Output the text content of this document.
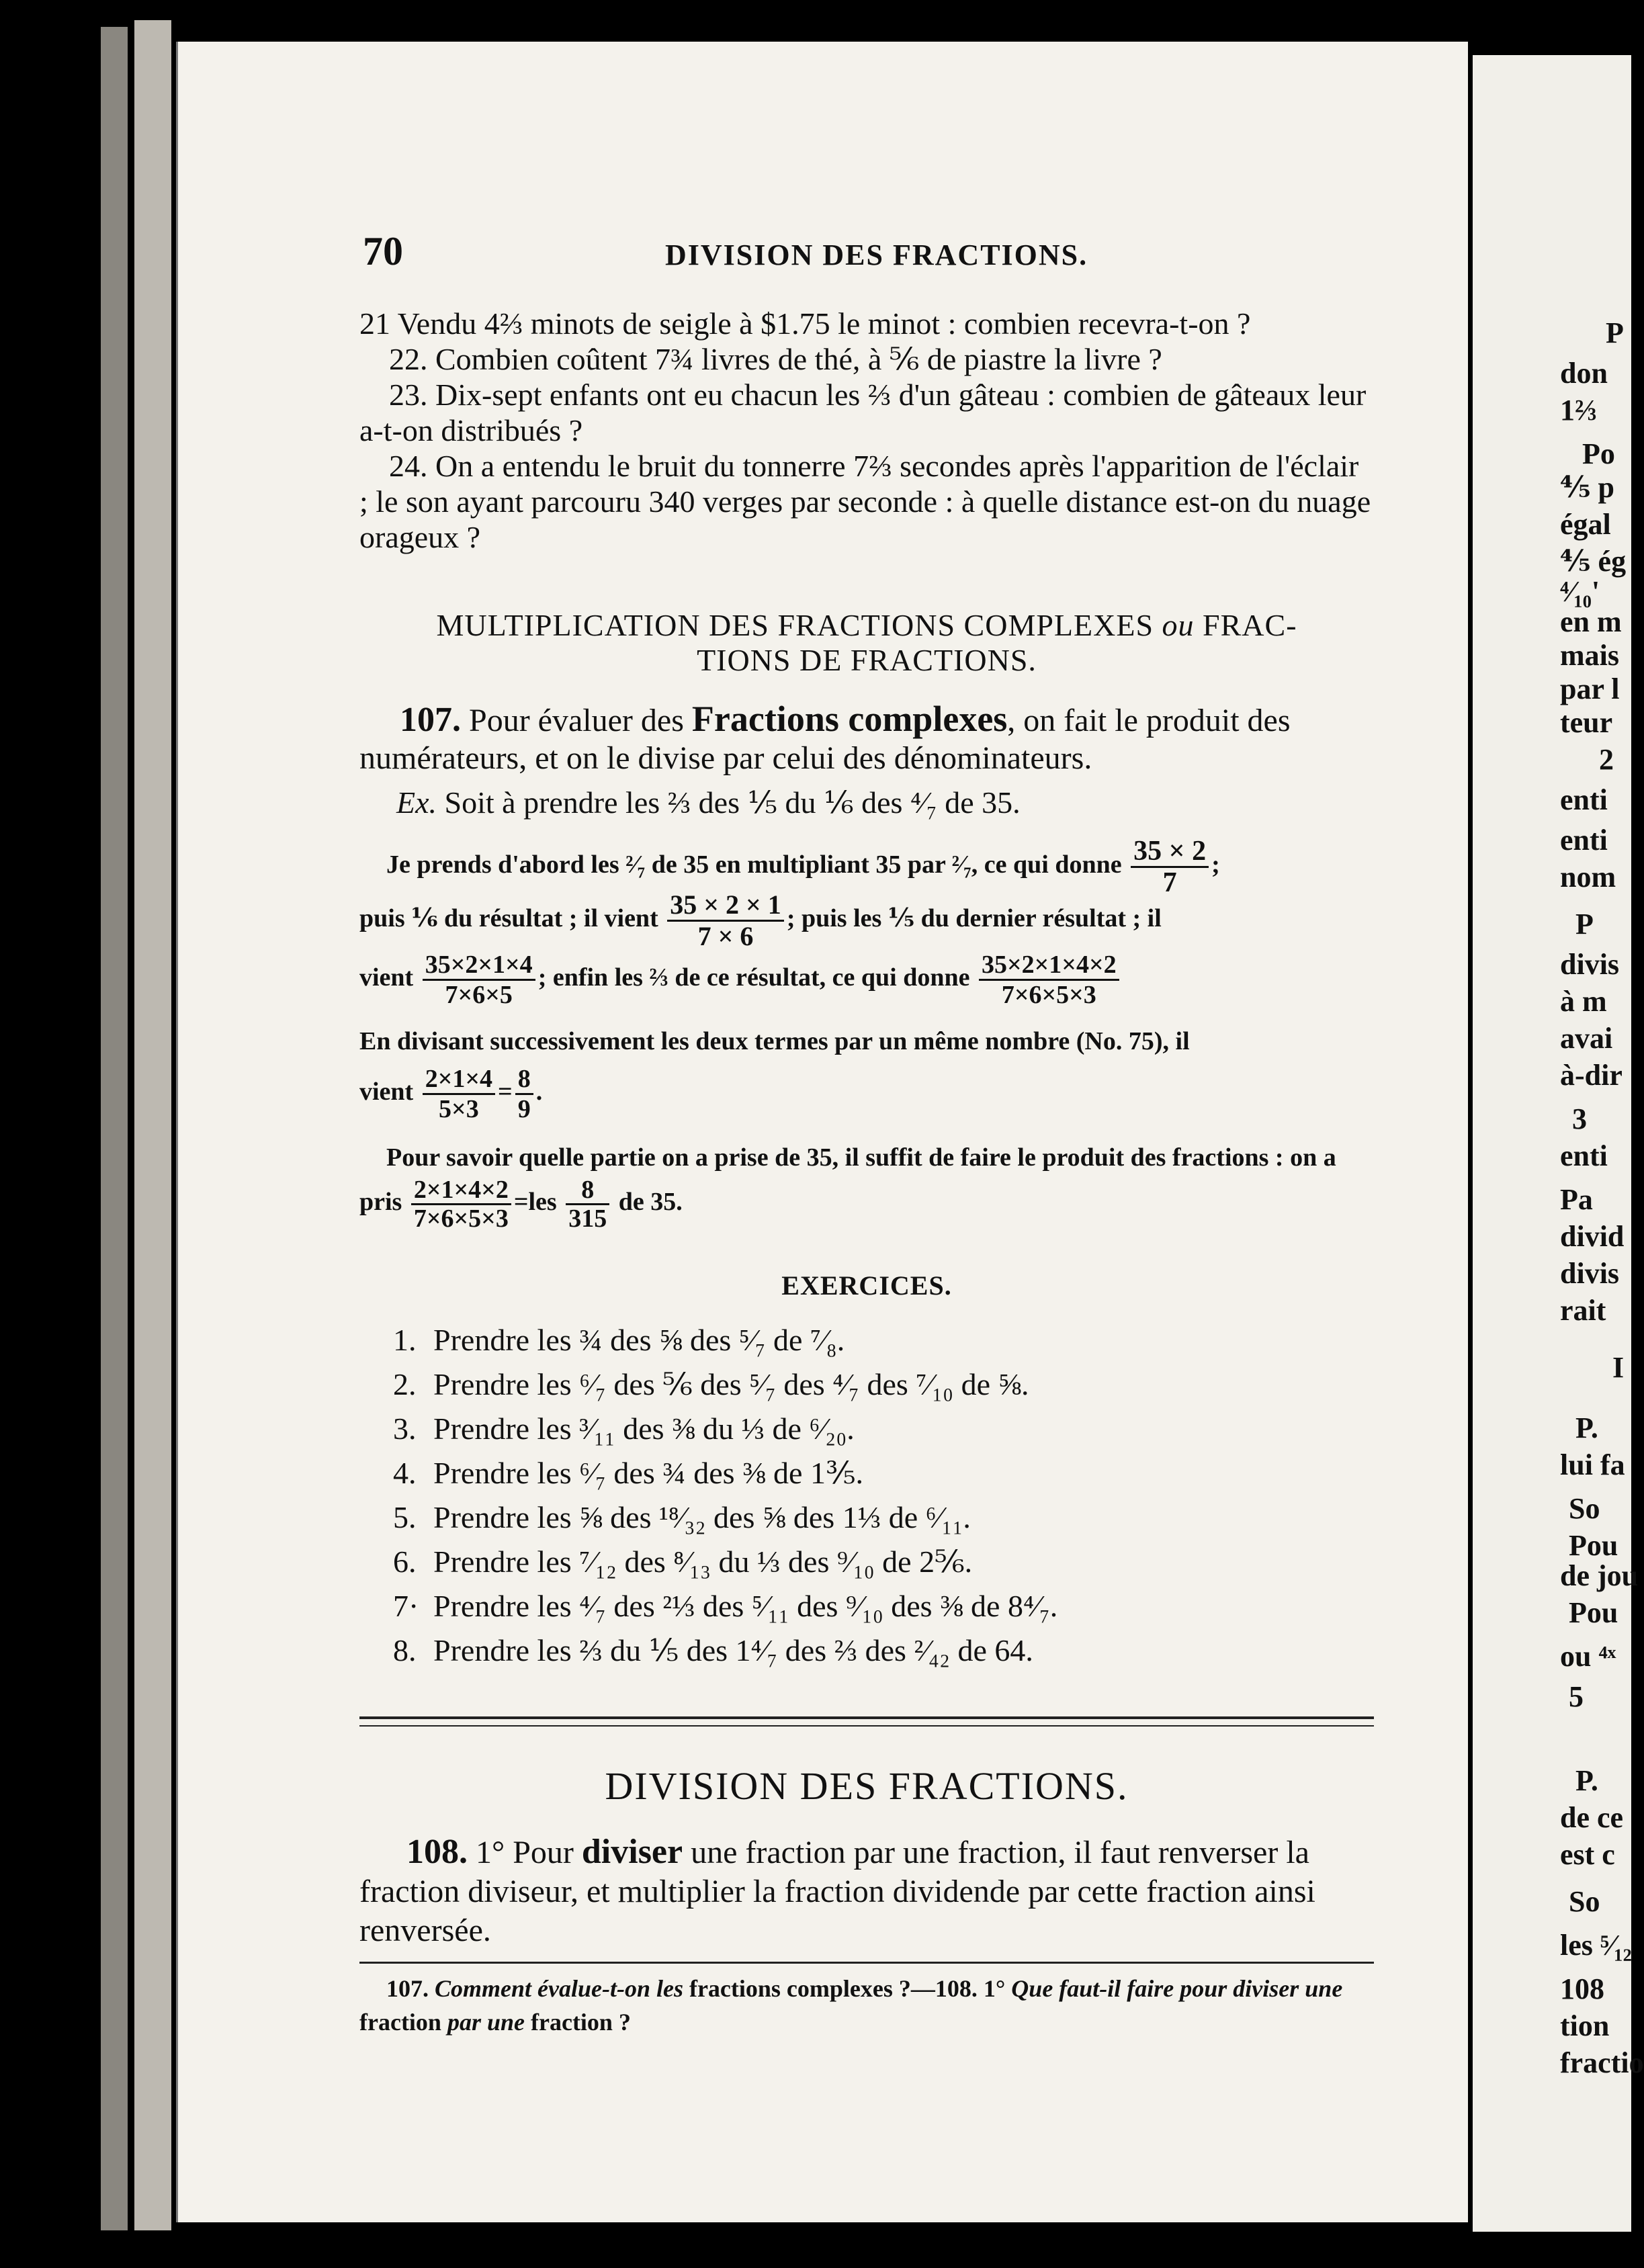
70	DIVISION DES FRACTIONS.
21 Vendu 4⅔ minots de seigle à $1.75 le minot : combien recevra-t-on ?
22. Combien coûtent 7¾ livres de thé, à ⅚ de piastre la livre ?
23. Dix-sept enfants ont eu chacun les ⅔ d'un gâteau : combien de gâteaux leur a-t-on distribués ?
24. On a entendu le bruit du tonnerre 7⅔ secondes après l'apparition de l'éclair ; le son ayant parcouru 340 verges par seconde : à quelle distance est-on du nuage orageux ?
MULTIPLICATION DES FRACTIONS COMPLEXES ou FRAC-
TIONS DE FRACTIONS.
107. Pour évaluer des Fractions complexes, on fait le produit des numérateurs, et on le divise par celui des dénominateurs.
Ex. Soit à prendre les ⅔ des ⅕ du ⅙ des ⁴⁄₇ de 35.
Je prends d'abord les ²⁄₇ de 35 en multipliant 35 par ²⁄₇, ce qui donne $\frac{35 \times 2}{7}$ ;
puis ⅙ du résultat ; il vient $\frac{35 \times 2 \times 1}{7 \times 6}$ ; puis les ⅕ du dernier résultat ; il
vient $\frac{35\times 2\times 1\times 4}{7\times 6\times 5}$ ; enfin les ⅔ de ce résultat, ce qui donne $\frac{35\times 2\times 1\times 4\times 2}{7\times 6\times 5\times 3}$
En divisant successivement les deux termes par un même nombre (No. 75), il
vient $\frac{2\times 1\times 4}{5\times 3} = \frac{8}{9}$ .
Pour savoir quelle partie on a prise de 35, il suffit de faire le produit des fractions : on a pris $\frac{2\times 1\times 4\times 2}{7\times 6\times 5\times 3} =les \frac{8}{315}$ de 35.
EXERCICES.
1. Prendre les ¾ des ⅝ des ⁵⁄₇ de ⁷⁄₈.
2. Prendre les ⁶⁄₇ des ⅚ des ⁵⁄₇ des ⁴⁄₇ des ⁷⁄₁₀ de ⅝.
3. Prendre les ³⁄₁₁ des ⅜ du ⅓ de ⁶⁄₂₀.
4. Prendre les ⁶⁄₇ des ¾ des ⅜ de 1⅗.
5. Prendre les ⅝ des ¹⁸⁄₃₂ des ⅝ des 1⅓ de ⁶⁄₁₁.
6. Prendre les ⁷⁄₁₂ des ⁸⁄₁₃ du ⅓ des ⁹⁄₁₀ de 2⅚.
7· Prendre les ⁴⁄₇ des ²⅓ des ⁵⁄₁₁ des ⁹⁄₁₀ des ⅜ de 8⁴⁄₇.
8. Prendre les ⅔ du ⅕ des 1⁴⁄₇ des ⅔ des ²⁄₄₂ de 64.
DIVISION DES FRACTIONS.
108. 1° Pour diviser une fraction par une fraction, il faut renverser la fraction diviseur, et multiplier la fraction dividende par cette fraction ainsi renversée.
107. Comment évalue-t-on les fractions complexes ?—108. 1° Que faut-il faire pour diviser une fraction par une fraction ?
P
don
1⅔
Po
⅘ p
égal
⅘ ég
⁴⁄₁₀'
en m
mais
par l
teur
2
enti
enti
nom
P
divis
à m
avai
à-dir
3
enti
Pa
divid
divis
rait
I
P.
lui fa
So
Pou
de jou
Pou
ou ⁴ˣ
5
P.
de ce
est c
So
les ⁵⁄₁₂
108
tion
fractio
